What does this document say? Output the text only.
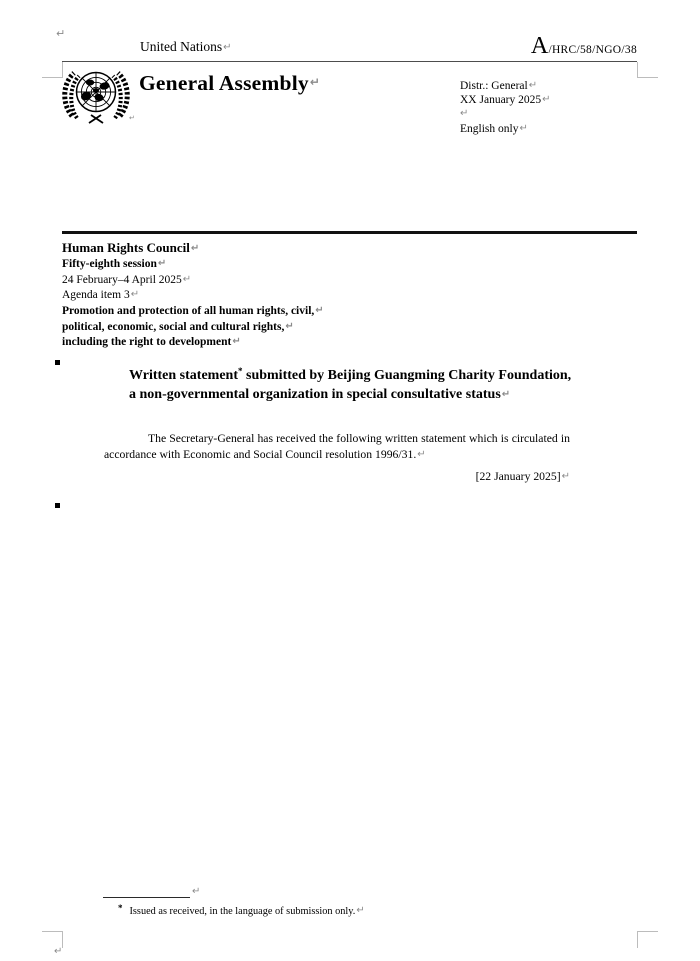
↵
United Nations↵	A /HRC/58/NGO/38
↵
General Assembly↵	Distr.: General↵
XX January 2025↵
↵
English only↵
Human Rights Council↵
Fifty-eighth session↵
24 February–4 April 2025↵
Agenda item 3↵
Promotion and protection of all human rights, civil,↵
political, economic, social and cultural rights,↵
including the right to development↵
Written statement* submitted by Beijing Guangming Charity Foundation, a non-governmental organization in special consultative status↵
The Secretary-General has received the following written statement which is circulated in accordance with Economic and Social Council resolution 1996/31.↵
[22 January 2025]↵
↵
* Issued as received, in the language of submission only.↵
↵
